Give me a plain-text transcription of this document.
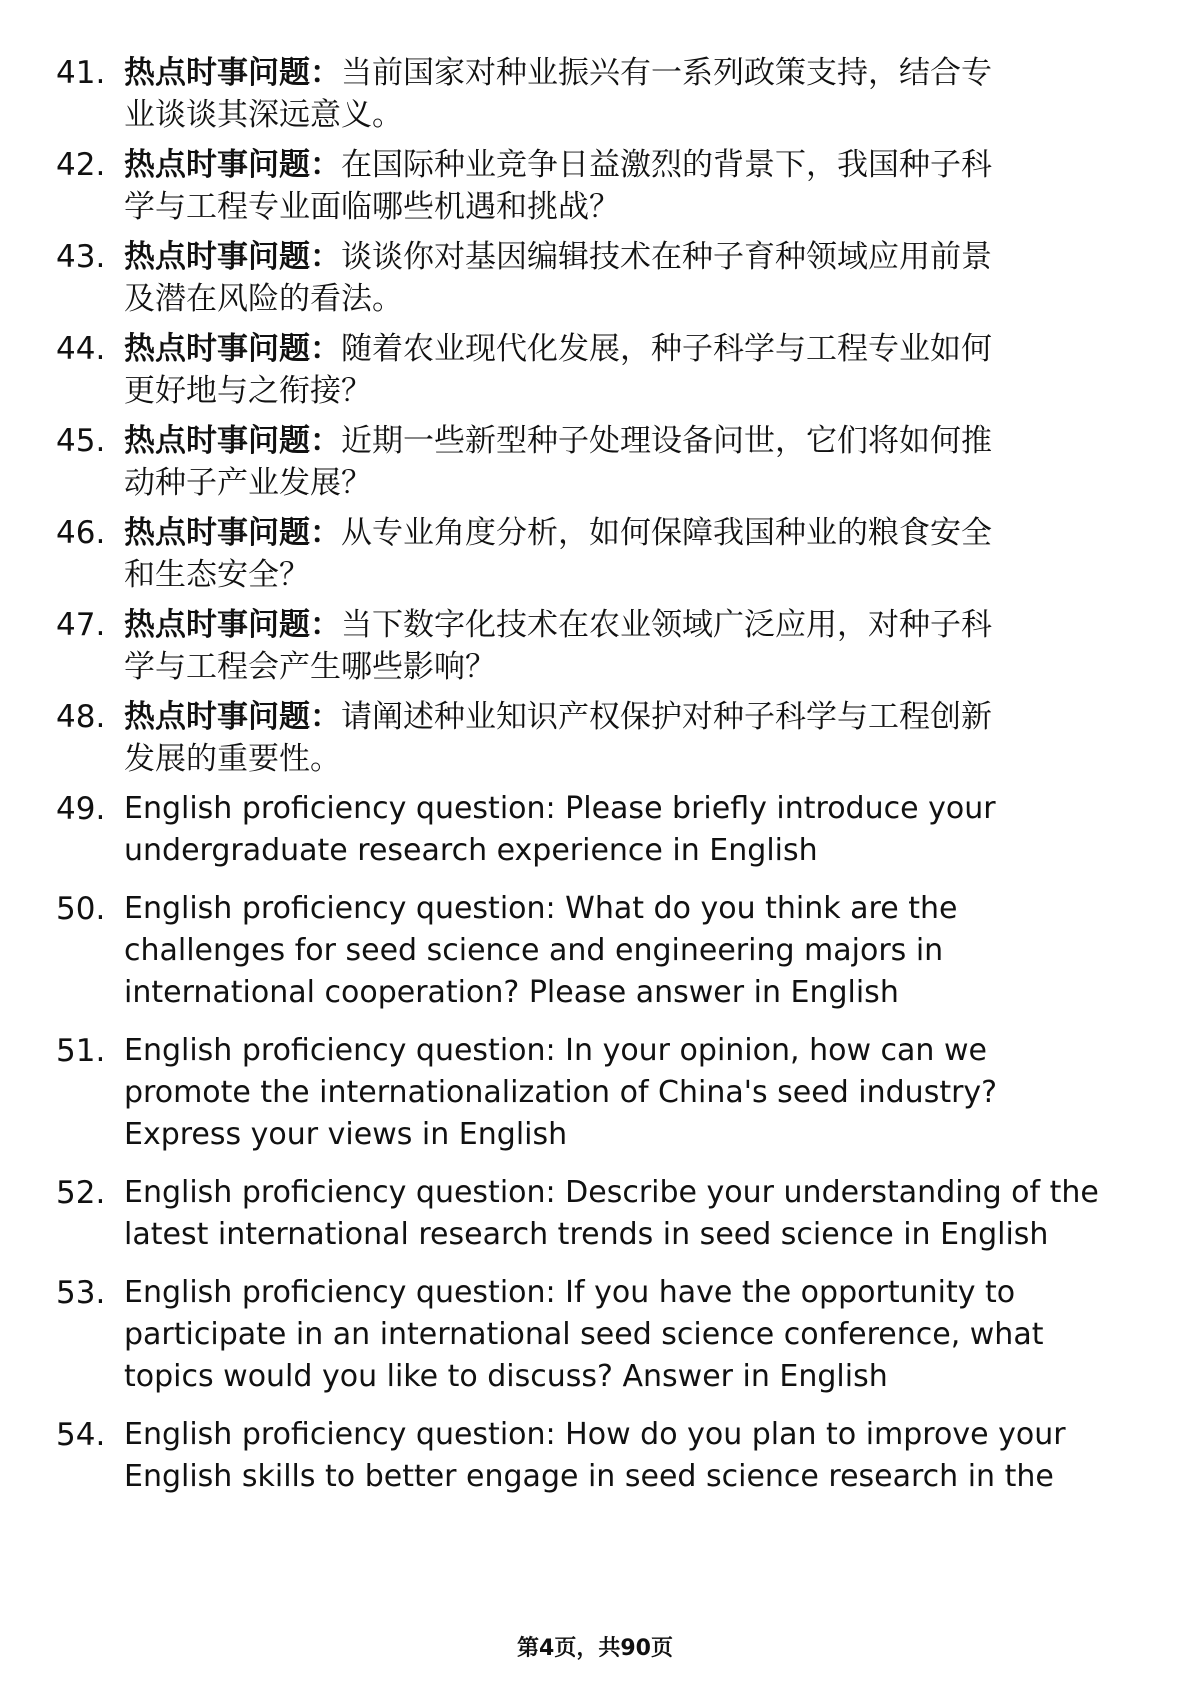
41. 热点时事问题：当前国家对种业振兴有一系列政策支持，结合专
业谈谈其深远意义。
42. 热点时事问题：在国际种业竞争日益激烈的背景下，我国种子科
学与工程专业面临哪些机遇和挑战？
43. 热点时事问题：谈谈你对基因编辑技术在种子育种领域应用前景
及潜在风险的看法。
44. 热点时事问题：随着农业现代化发展，种子科学与工程专业如何
更好地与之衔接？
45. 热点时事问题：近期一些新型种子处理设备问世，它们将如何推
动种子产业发展？
46. 热点时事问题：从专业角度分析，如何保障我国种业的粮食安全
和生态安全？
47. 热点时事问题：当下数字化技术在农业领域广泛应用，对种子科
学与工程会产生哪些影响？
48. 热点时事问题：请阐述种业知识产权保护对种子科学与工程创新
发展的重要性。
49. English proficiency question: Please briefly introduce your
undergraduate research experience in English
50. English proficiency question: What do you think are the
challenges for seed science and engineering majors in
international cooperation? Please answer in English
51. English proficiency question: In your opinion, how can we
promote the internationalization of China's seed industry?
Express your views in English
52. English proficiency question: Describe your understanding of the
latest international research trends in seed science in English
53. English proficiency question: If you have the opportunity to
participate in an international seed science conference, what
topics would you like to discuss? Answer in English
54. English proficiency question: How do you plan to improve your
English skills to better engage in seed science research in the
第4页，共90页
